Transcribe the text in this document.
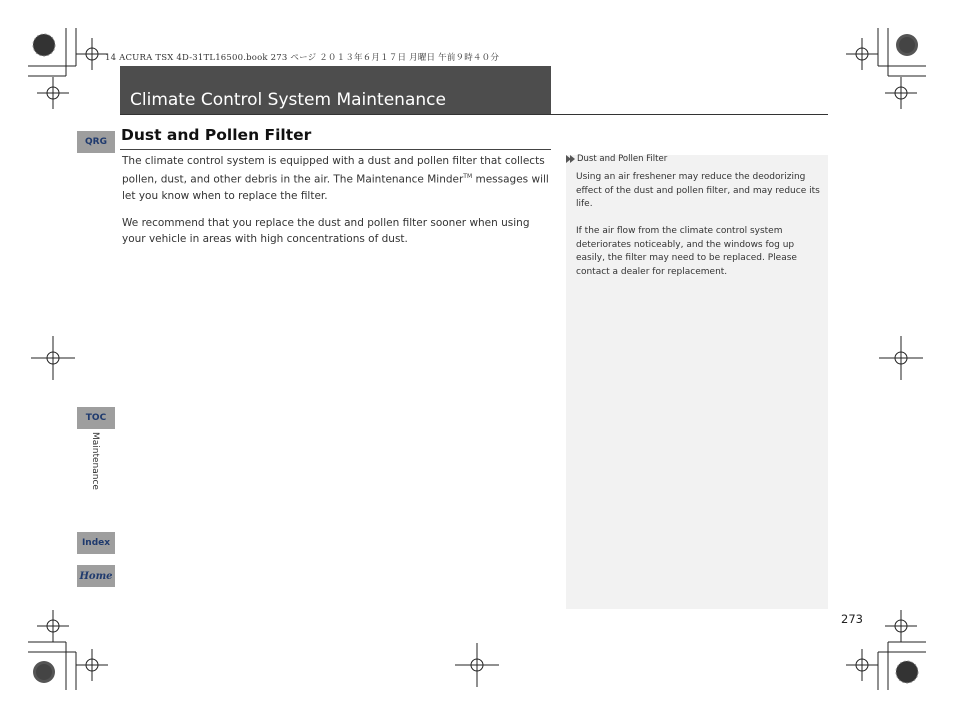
14 ACURA TSX 4D-31TL16500.book 273 ページ ２０１３年６月１７日 月曜日 午前９時４０分
Climate Control System Maintenance
Dust and Pollen Filter
The climate control system is equipped with a dust and pollen filter that collects pollen, dust, and other debris in the air. The Maintenance Minder™ messages will let you know when to replace the filter.
We recommend that you replace the dust and pollen filter sooner when using your vehicle in areas with high concentrations of dust.
Dust and Pollen Filter
Using an air freshener may reduce the deodorizing effect of the dust and pollen filter, and may reduce its life.
If the air flow from the climate control system deteriorates noticeably, and the windows fog up easily, the filter may need to be replaced. Please contact a dealer for replacement.
QRG
TOC
Maintenance
Index
Home
273
